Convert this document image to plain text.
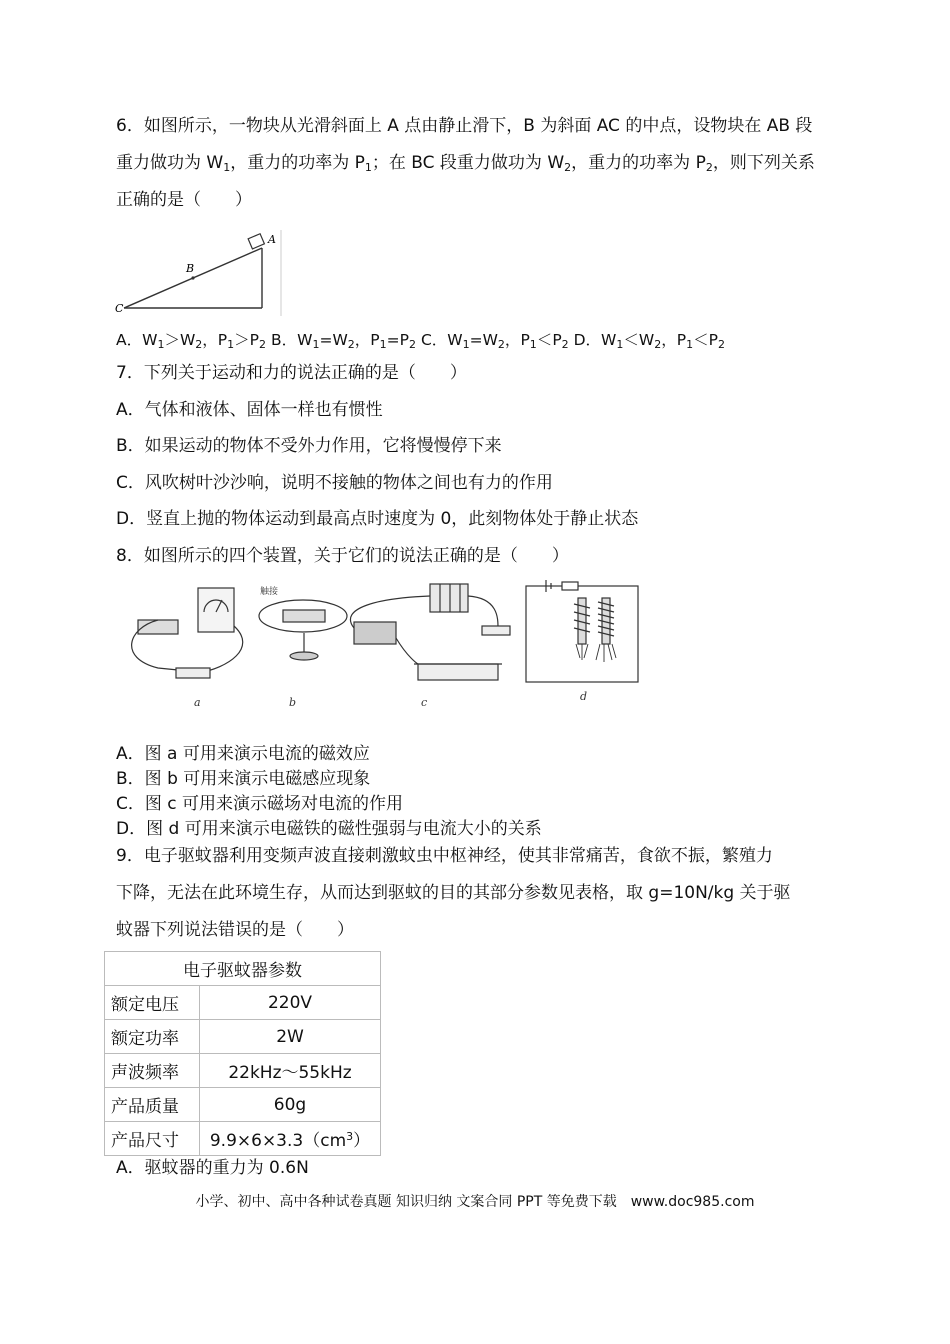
6．如图所示，一物块从光滑斜面上 A 点由静止滑下，B 为斜面 AC 的中点，设物块在 AB 段
重力做功为 $W_1$，重力的功率为 $P_1$；在 BC 段重力做功为 $W_2$，重力的功率为 $P_2$，则下列关系
正确的是（　　）
A
B
C
A．$W_1>W_2$，$P_1>P_2$ B．$W_1=W_2$，$P_1=P_2$ C．$W_1=W_2$，$P_1<P_2$ D．$W_1<W_2$，$P_1<P_2$
7．下列关于运动和力的说法正确的是（　　）
A．气体和液体、固体一样也有惯性
B．如果运动的物体不受外力作用，它将慢慢停下来
C．风吹树叶沙沙响，说明不接触的物体之间也有力的作用
D．竖直上抛的物体运动到最高点时速度为 0，此刻物体处于静止状态
8．如图所示的四个装置，关于它们的说法正确的是（　　）
a
触接
b	c	d
A．图 a 可用来演示电流的磁效应
B．图 b 可用来演示电磁感应现象
C．图 c 可用来演示磁场对电流的作用
D．图 d 可用来演示电磁铁的磁性强弱与电流大小的关系
9．电子驱蚊器利用变频声波直接刺激蚊虫中枢神经，使其非常痛苦，食欲不振，繁殖力
下降，无法在此环境生存，从而达到驱蚊的目的其部分参数见表格，取 g=10N/kg 关于驱
蚊器下列说法错误的是（　　）
电子驱蚊器参数	
额定电压	220V
额定功率	2W
声波频率	22kHz～55kHz
产品质量	60g
产品尺寸	$9.9\times 6\times 3.3(cm^3)$
A．驱蚊器的重力为 0.6N
小学、初中、高中各种试卷真题 知识归纳 文案合同 PPT 等免费下载　www.doc985.com
